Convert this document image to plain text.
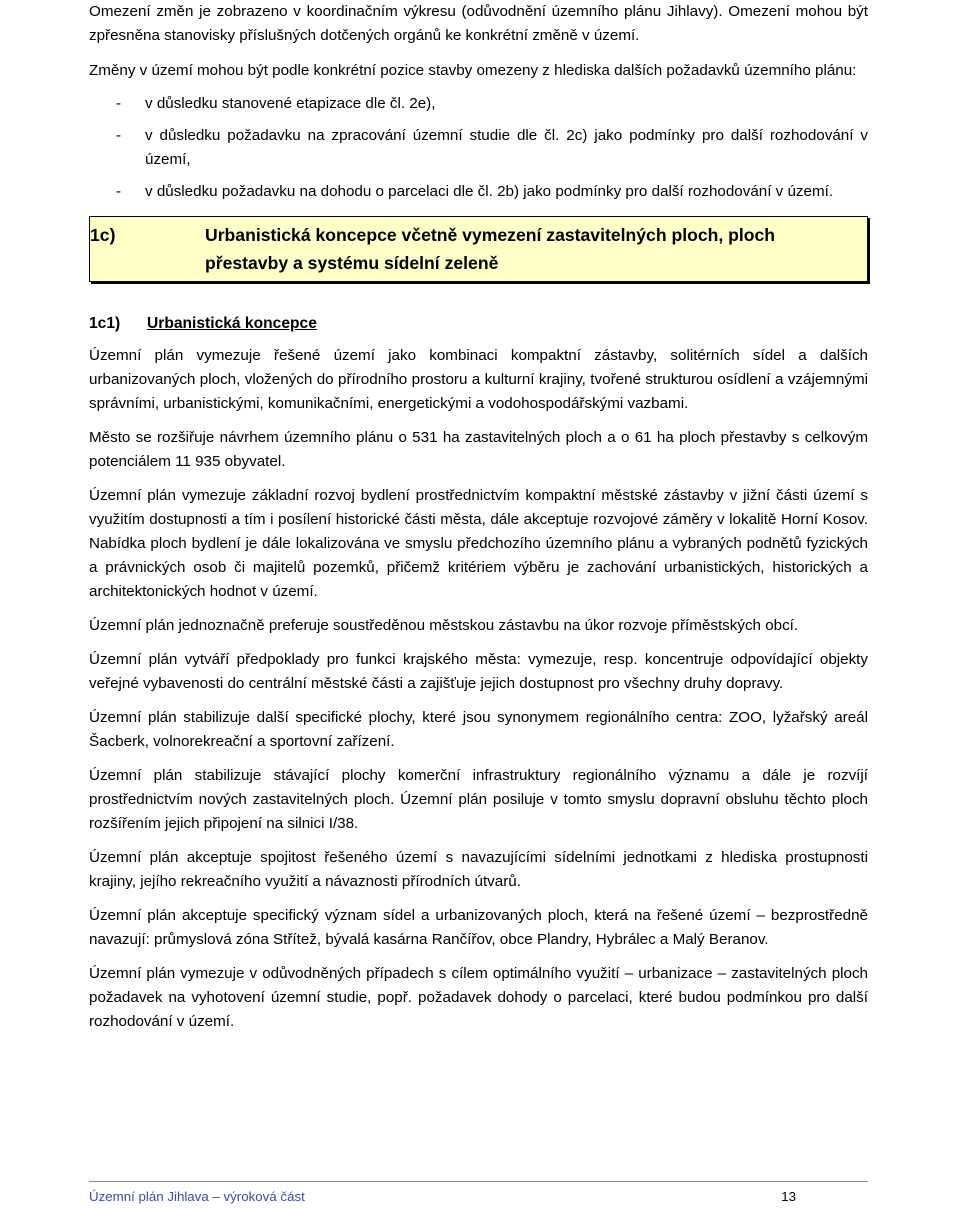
Omezení změn je zobrazeno v koordinačním výkresu (odůvodnění územního plánu Jihlavy). Omezení mohou být zpřesněna stanovisky příslušných dotčených orgánů ke konkrétní změně v území.

Změny v území mohou být podle konkrétní pozice stavby omezeny z hlediska dalších požadavků územního plánu:

- v důsledku stanovené etapizace dle čl. 2e),
- v důsledku požadavku na zpracování územní studie dle čl. 2c) jako podmínky pro další rozhodování v území,
- v důsledku požadavku na dohodu o parcelaci dle čl. 2b) jako podmínky pro další rozhodování v území.
1c)	Urbanistická koncepce včetně vymezení zastavitelných ploch, ploch přestavby a systému sídelní zeleně
1c1)	Urbanistická koncepce

Územní plán vymezuje řešené území jako kombinaci kompaktní zástavby, solitérních sídel a dalších urbanizovaných ploch, vložených do přírodního prostoru a kulturní krajiny, tvořené strukturou osídlení a vzájemnými správními, urbanistickými, komunikačními, energetickými a vodohospodářskými vazbami.

Město se rozšiřuje návrhem územního plánu o 531 ha zastavitelných ploch a o 61 ha ploch přestavby s celkovým potenciálem 11 935 obyvatel.

Územní plán vymezuje základní rozvoj bydlení prostřednictvím kompaktní městské zástavby v jižní části území s využitím dostupnosti a tím i posílení historické části města, dále akceptuje rozvojové záměry v lokalitě Horní Kosov. Nabídka ploch bydlení je dále lokalizována ve smyslu předchozího územního plánu a vybraných podnětů fyzických a právnických osob či majitelů pozemků, přičemž kritériem výběru je zachování urbanistických, historických a architektonických hodnot v území.

Územní plán jednoznačně preferuje soustředěnou městskou zástavbu na úkor rozvoje příměstských obcí.

Územní plán vytváří předpoklady pro funkci krajského města: vymezuje, resp. koncentruje odpovídající objekty veřejné vybavenosti do centrální městské části a zajišťuje jejich dostupnost pro všechny druhy dopravy.

Územní plán stabilizuje další specifické plochy, které jsou synonymem regionálního centra: ZOO, lyžařský areál Šacberk, volnorekreační a sportovní zařízení.

Územní plán stabilizuje stávající plochy komerční infrastruktury regionálního významu a dále je rozvíjí prostřednictvím nových zastavitelných ploch. Územní plán posiluje v tomto smyslu dopravní obsluhu těchto ploch rozšířením jejich připojení na silnici I/38.

Územní plán akceptuje spojitost řešeného území s navazujícími sídelními jednotkami z hlediska prostupnosti krajiny, jejího rekreačního využití a návaznosti přírodních útvarů.

Územní plán akceptuje specifický význam sídel a urbanizovaných ploch, která na řešené území – bezprostředně navazují: průmyslová zóna Střítež, bývalá kasárna Rančířov, obce Plandry, Hybrálec a Malý Beranov.

Územní plán vymezuje v odůvodněných případech s cílem optimálního využití – urbanizace – zastavitelných ploch požadavek na vyhotovení územní studie, popř. požadavek dohody o parcelaci, které budou podmínkou pro další rozhodování v území.

Územní plán Jihlava – výroková část	13
